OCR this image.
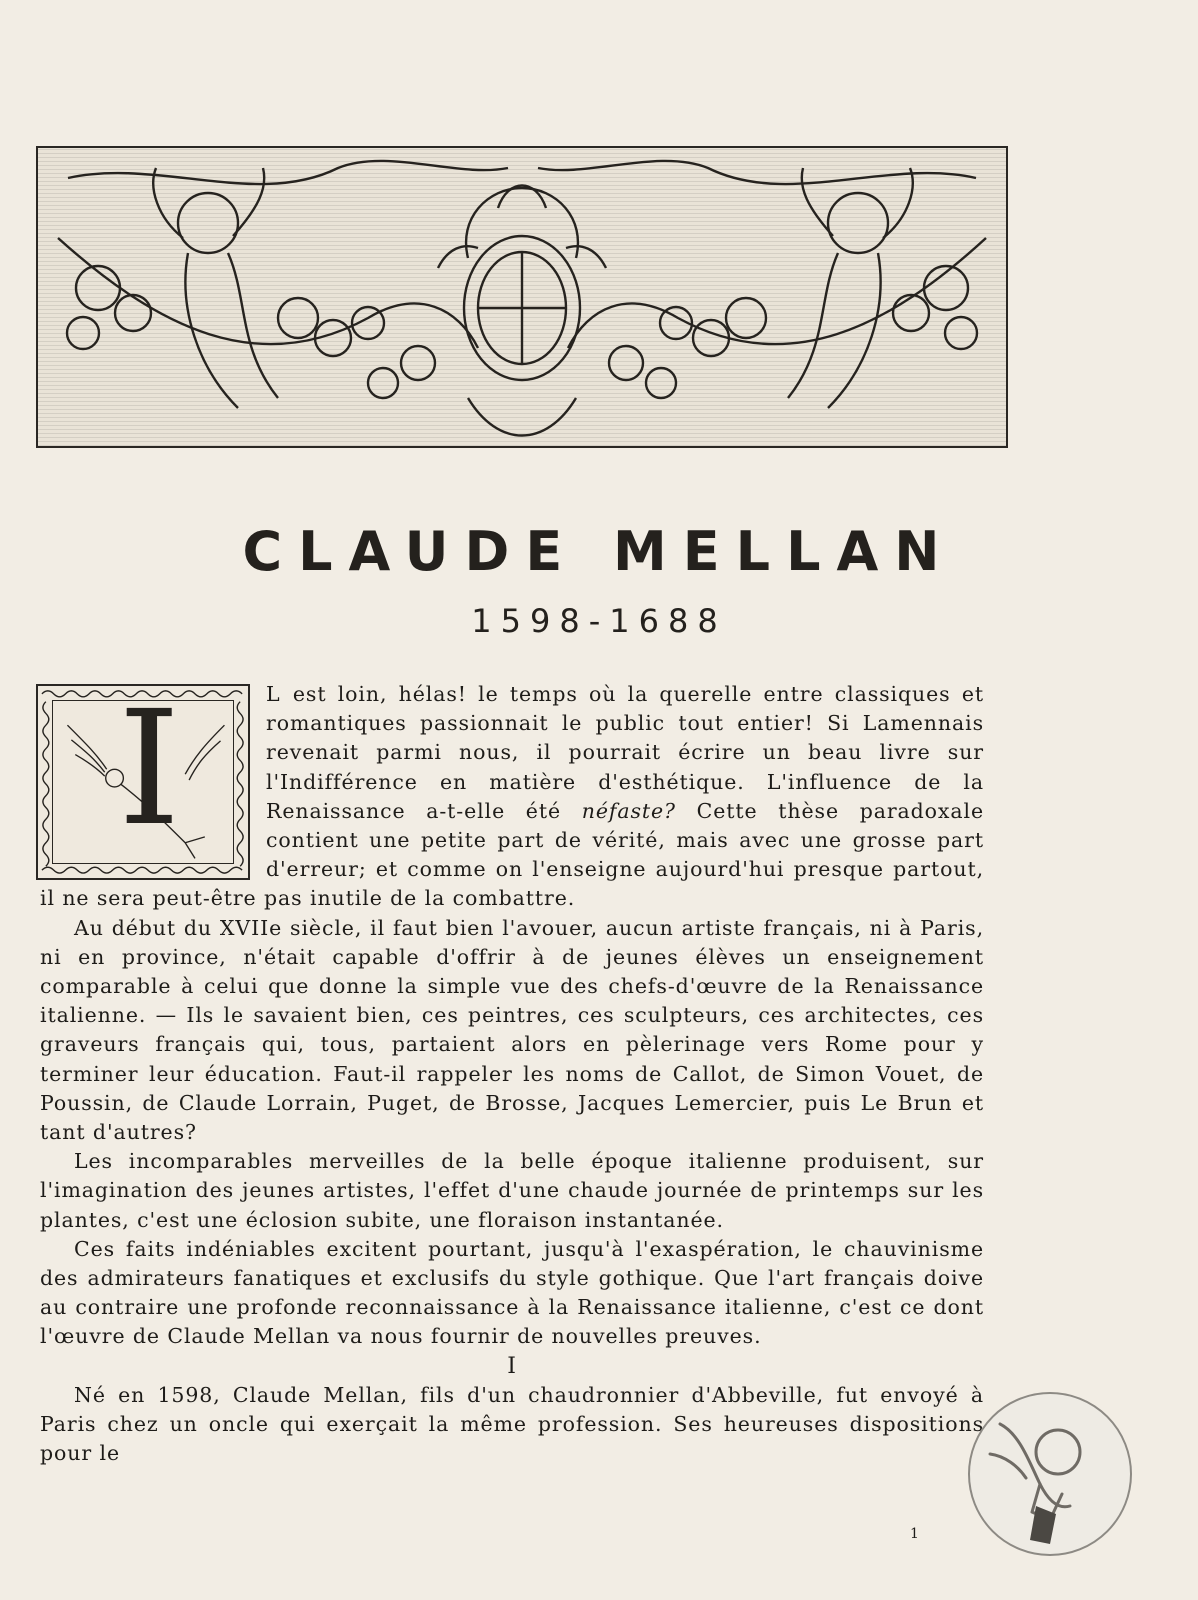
CLAUDE MELLAN
1598-1688
I	L est loin, hélas! le temps où la querelle entre classiques et romantiques passionnait le public tout entier! Si Lamennais revenait parmi nous, il pourrait écrire un beau livre sur l'Indifférence en matière d'esthétique. L'influence de la Renaissance a-t-elle été néfaste? Cette thèse paradoxale contient une petite part de vérité, mais avec une grosse part d'erreur; et comme on l'enseigne aujourd'hui presque partout, il ne sera peut-être pas inutile de la combattre.

Au début du XVIIe siècle, il faut bien l'avouer, aucun artiste français, ni à Paris, ni en province, n'était capable d'offrir à de jeunes élèves un enseignement comparable à celui que donne la simple vue des chefs-d'œuvre de la Renaissance italienne. — Ils le savaient bien, ces peintres, ces sculpteurs, ces architectes, ces graveurs français qui, tous, partaient alors en pèlerinage vers Rome pour y terminer leur éducation. Faut-il rappeler les noms de Callot, de Simon Vouet, de Poussin, de Claude Lorrain, Puget, de Brosse, Jacques Lemercier, puis Le Brun et tant d'autres?

Les incomparables merveilles de la belle époque italienne produisent, sur l'imagination des jeunes artistes, l'effet d'une chaude journée de printemps sur les plantes, c'est une éclosion subite, une floraison instantanée.

Ces faits indéniables excitent pourtant, jusqu'à l'exaspération, le chauvinisme des admirateurs fanatiques et exclusifs du style gothique. Que l'art français doive au contraire une profonde reconnaissance à la Renaissance italienne, c'est ce dont l'œuvre de Claude Mellan va nous fournir de nouvelles preuves.

I

Né en 1598, Claude Mellan, fils d'un chaudronnier d'Abbeville, fut envoyé à Paris chez un oncle qui exerçait la même profession. Ses heureuses dispositions pour le

1
